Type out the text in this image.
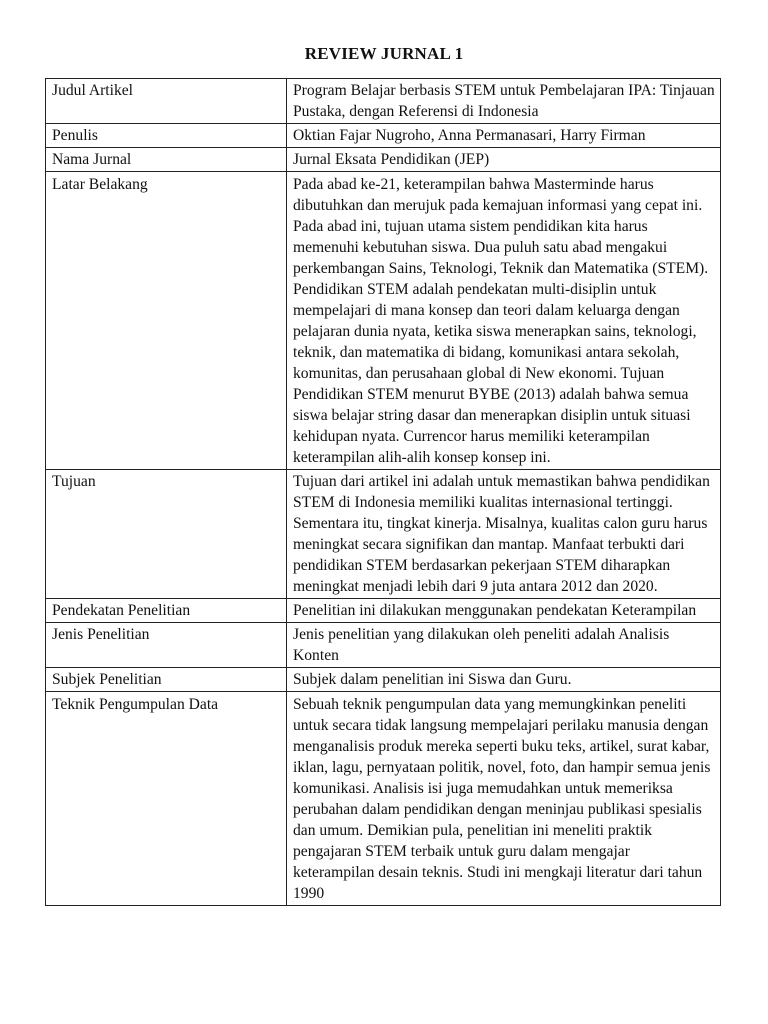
REVIEW JURNAL 1
Judul Artikel	Program Belajar berbasis STEM untuk Pembelajaran IPA: Tinjauan Pustaka, dengan Referensi di Indonesia
Penulis	Oktian Fajar Nugroho, Anna Permanasari, Harry Firman
Nama Jurnal	Jurnal Eksata Pendidikan (JEP)
Latar Belakang	Pada abad ke-21, keterampilan bahwa Masterminde harus dibutuhkan dan merujuk pada kemajuan informasi yang cepat ini. Pada abad ini, tujuan utama sistem pendidikan kita harus memenuhi kebutuhan siswa. Dua puluh satu abad mengakui perkembangan Sains, Teknologi, Teknik dan Matematika (STEM). Pendidikan STEM adalah pendekatan multi-disiplin untuk mempelajari di mana konsep dan teori dalam keluarga dengan pelajaran dunia nyata, ketika siswa menerapkan sains, teknologi, teknik, dan matematika di bidang, komunikasi antara sekolah, komunitas, dan perusahaan global di New ekonomi. Tujuan Pendidikan STEM menurut BYBE (2013) adalah bahwa semua siswa belajar string dasar dan menerapkan disiplin untuk situasi kehidupan nyata. Currencor harus memiliki keterampilan keterampilan alih-alih konsep konsep ini.
Tujuan	Tujuan dari artikel ini adalah untuk memastikan bahwa pendidikan STEM di Indonesia memiliki kualitas internasional tertinggi. Sementara itu, tingkat kinerja. Misalnya, kualitas calon guru harus meningkat secara signifikan dan mantap. Manfaat terbukti dari pendidikan STEM berdasarkan pekerjaan STEM diharapkan meningkat menjadi lebih dari 9 juta antara 2012 dan 2020.
Pendekatan Penelitian	Penelitian ini dilakukan menggunakan pendekatan Keterampilan
Jenis Penelitian	Jenis penelitian yang dilakukan oleh peneliti adalah Analisis Konten
Subjek Penelitian	Subjek dalam penelitian ini Siswa dan Guru.
Teknik Pengumpulan Data	Sebuah teknik pengumpulan data yang memungkinkan peneliti untuk secara tidak langsung mempelajari perilaku manusia dengan menganalisis produk mereka seperti buku teks, artikel, surat kabar, iklan, lagu, pernyataan politik, novel, foto, dan hampir semua jenis komunikasi. Analisis isi juga memudahkan untuk memeriksa perubahan dalam pendidikan dengan meninjau publikasi spesialis dan umum. Demikian pula, penelitian ini meneliti praktik pengajaran STEM terbaik untuk guru dalam mengajar keterampilan desain teknis. Studi ini mengkaji literatur dari tahun 1990
